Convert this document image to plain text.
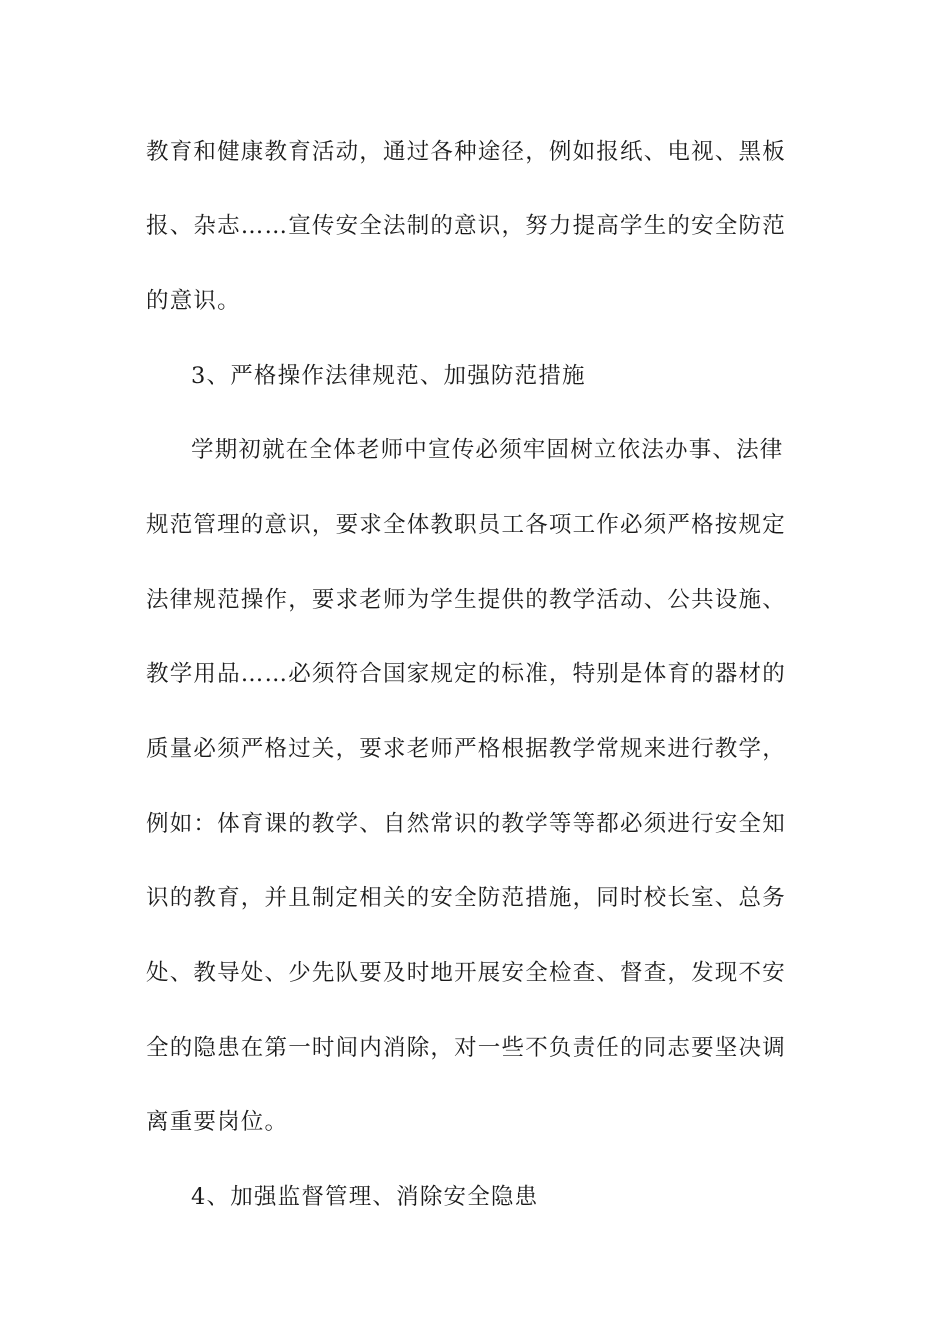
教育和健康教育活动，通过各种途径，例如报纸、电视、黑板
报、杂志……宣传安全法制的意识，努力提高学生的安全防范
的意识。
3、严格操作法律规范、加强防范措施
学期初就在全体老师中宣传必须牢固树立依法办事、法律
规范管理的意识，要求全体教职员工各项工作必须严格按规定
法律规范操作，要求老师为学生提供的教学活动、公共设施、
教学用品……必须符合国家规定的标准，特别是体育的器材的
质量必须严格过关，要求老师严格根据教学常规来进行教学，
例如：体育课的教学、自然常识的教学等等都必须进行安全知
识的教育，并且制定相关的安全防范措施，同时校长室、总务
处、教导处、少先队要及时地开展安全检查、督查，发现不安
全的隐患在第一时间内消除，对一些不负责任的同志要坚决调
离重要岗位。
4、加强监督管理、消除安全隐患
